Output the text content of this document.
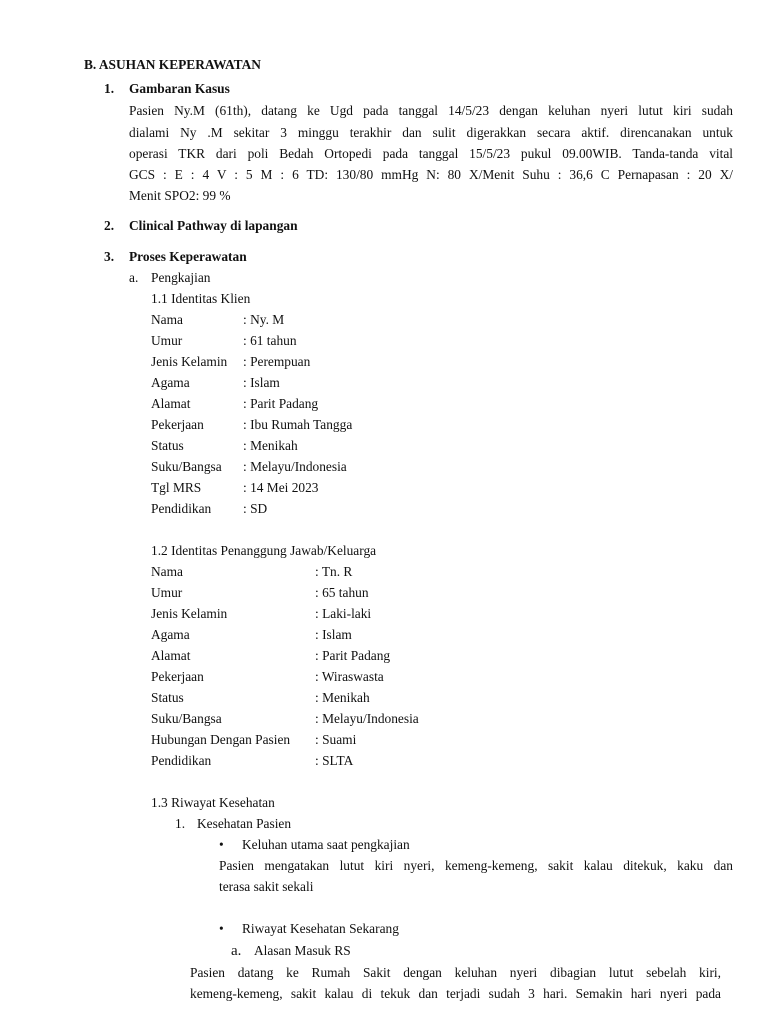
B. ASUHAN KEPERAWATAN
1. Gambaran Kasus
Pasien Ny.M (61th), datang ke Ugd pada tanggal 14/5/23 dengan keluhan nyeri lutut kiri sudah
dialami Ny .M sekitar 3 minggu terakhir dan sulit digerakkan secara aktif. direncanakan untuk
operasi TKR dari poli Bedah Ortopedi pada tanggal 15/5/23 pukul 09.00WIB. Tanda-tanda vital
GCS : E : 4 V : 5 M : 6 TD: 130/80 mmHg N: 80 X/Menit Suhu : 36,6 C Pernapasan : 20 X/
Menit SPO2: 99 %
2. Clinical Pathway di lapangan
3. Proses Keperawatan
a. Pengkajian
1.1 Identitas Klien
Nama	: Ny. M
Umur	: 61 tahun
Jenis Kelamin : Perempuan
Agama	: Islam
Alamat	: Parit Padang
Pekerjaan	: Ibu Rumah Tangga
Status	: Menikah
Suku/Bangsa : Melayu/Indonesia
Tgl MRS	: 14 Mei 2023
Pendidikan : SD
1.2 Identitas Penanggung Jawab/Keluarga
Nama	: Tn. R
Umur	: 65 tahun
Jenis Kelamin	: Laki-laki
Agama	: Islam
Alamat	: Parit Padang
Pekerjaan	: Wiraswasta
Status	: Menikah
Suku/Bangsa	: Melayu/Indonesia
Hubungan Dengan Pasien : Suami
Pendidikan	: SLTA
1.3 Riwayat Kesehatan
1. Kesehatan Pasien
• Keluhan utama saat pengkajian
Pasien mengatakan lutut kiri nyeri, kemeng-kemeng, sakit kalau ditekuk, kaku dan
terasa sakit sekali
• Riwayat Kesehatan Sekarang
a. Alasan Masuk RS
Pasien datang ke Rumah Sakit dengan keluhan nyeri dibagian lutut sebelah kiri,
kemeng-kemeng, sakit kalau di tekuk dan terjadi sudah 3 hari. Semakin hari nyeri pada
